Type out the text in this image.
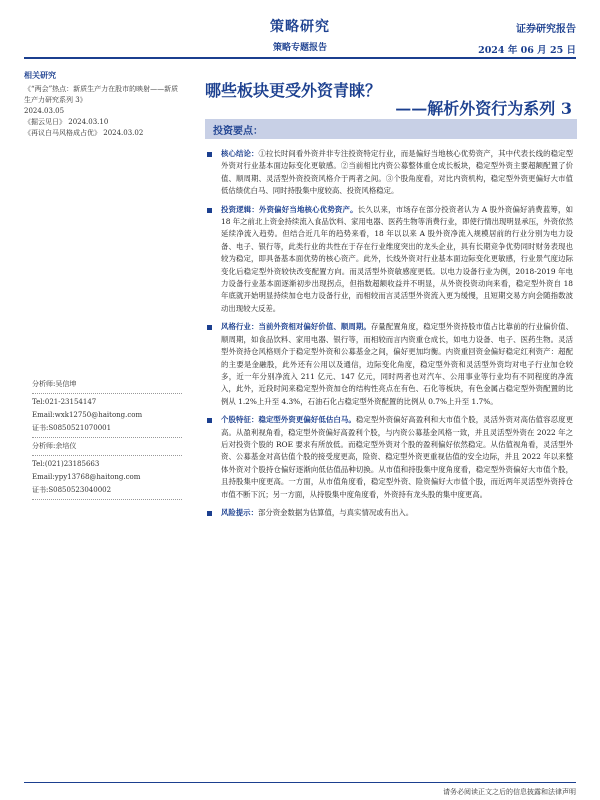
策略研究
策略专题报告
证券研究报告
2024 年 06 月 25 日
相关研究
《“两会”热点：新质生产力在股市的映射——新质生产力研究系列 3》
2024.03.05
《掘云见日》 2024.03.10
《再议白马风格成占优》 2024.03.02
分析师:吴信坤
Tel:021-23154147
Email:wxk12750@haitong.com
证书:S0850521070001
分析师:余培仪
Tel:(021)23185663
Email:ypy13768@haitong.com
证书:S0850523040002
哪些板块更受外资青睐？
——解析外资行为系列 3
投资要点：
核心结论：①拉长时间看外资并非专注投资特定行业，而是偏好当地核心优势资产，其中代表长线的稳定型外资对行业基本面边际变化更敏感。②当前相比内资公募整体重仓成长板块，稳定型外资主要超额配置了价值、顺周期、灵活型外资投资风格介于两者之间。③个股角度看，对比内资机构，稳定型外资更偏好大市值低估绩优白马、同时持股集中度较高、投资风格稳定。
投资逻辑：外资偏好当地核心优势资产。长久以来，市场存在部分投资者认为 A 股外资偏好消费蓝筹，如 18 年之前北上资金持续流入食品饮料、家用电器、医药生物等消费行业，即使行情出现明显承压，外资依然延续净流入趋势。但结合近几年的趋势来看，18 年以以来 A 股外资净流入规模居前的行业分别为电力设备、电子、银行等，此类行业的共性在于存在行业维度突出的龙头企业，具有长期竞争优势同时财务表现也较为稳定，即具备基本面优势的核心资产。此外，长线外资对行业基本面边际变化更敏感，行业景气度边际变化后稳定型外资较快改变配置方向。而灵活型外资敏感度更低。以电力设备行业为例，2018-2019 年电力设备行业基本面逐渐初步出现拐点，但指数超额收益并不明显，从外资投资动向来看，稳定型外资自 18 年底就开始明显持续加仓电力设备行业，而相较而言灵活型外资流入更为缓慢，且短期交易方向会随指数波动出现较大反差。
风格行业：当前外资相对偏好价值、顺周期。存量配置角度，稳定型外资持股市值占比靠前的行业偏价值、顺周期，如食品饮料、家用电器、银行等，而相较而言内资重仓成长，如电力设备、电子、医药生物。灵活型外资持仓风格则介于稳定型外资和公募基金之间，偏好更加均衡。内资重回资金偏好稳定红利资产：超配的主要是金融股，此外还有公用以及通信，边际变化角度，稳定型外资和灵活型外资均对电子行业加仓较多，近一年分别净流入 211 亿元、147 亿元，同时两者也对汽车、公用事业等行业均有不同程度的净流入，此外，近段时间来稳定型外资加仓的结构性亮点在有色、石化等板块，有色金属占稳定型外资配置的比例从 1.2%上升至 4.3%，石油石化占稳定型外资配置的比例从 0.7%上升至 1.7%。
个股特征：稳定型外资更偏好低估白马。稳定型外资偏好高盈利和大市值个股，灵活外资对高估值容忍度更高。从盈利视角看，稳定型外资偏好高盈利个股，与内资公募基金风格一致，并且灵活型外资在 2022 年之后对投资个股的 ROE 要求有所放低。而稳定型外资对个股的盈利偏好依然稳定。从估值视角看，灵活型外资、公募基金对高估值个股的接受度更高，险资、稳定型外资更重视估值的安全边际，并且 2022 年以来整体外资对个股持仓偏好逐渐向低估值品种切换。从市值和持股集中度角度看，稳定型外资偏好大市值个股，且持股集中度更高。一方面，从市值角度看，稳定型外资、险资偏好大市值个股，而近两年灵活型外资持仓市值不断下沉；另一方面，从持股集中度角度看，外资持有龙头股的集中度更高。
风险提示：部分资金数据为估算值，与真实情况或有出入。
请务必阅读正文之后的信息披露和法律声明
